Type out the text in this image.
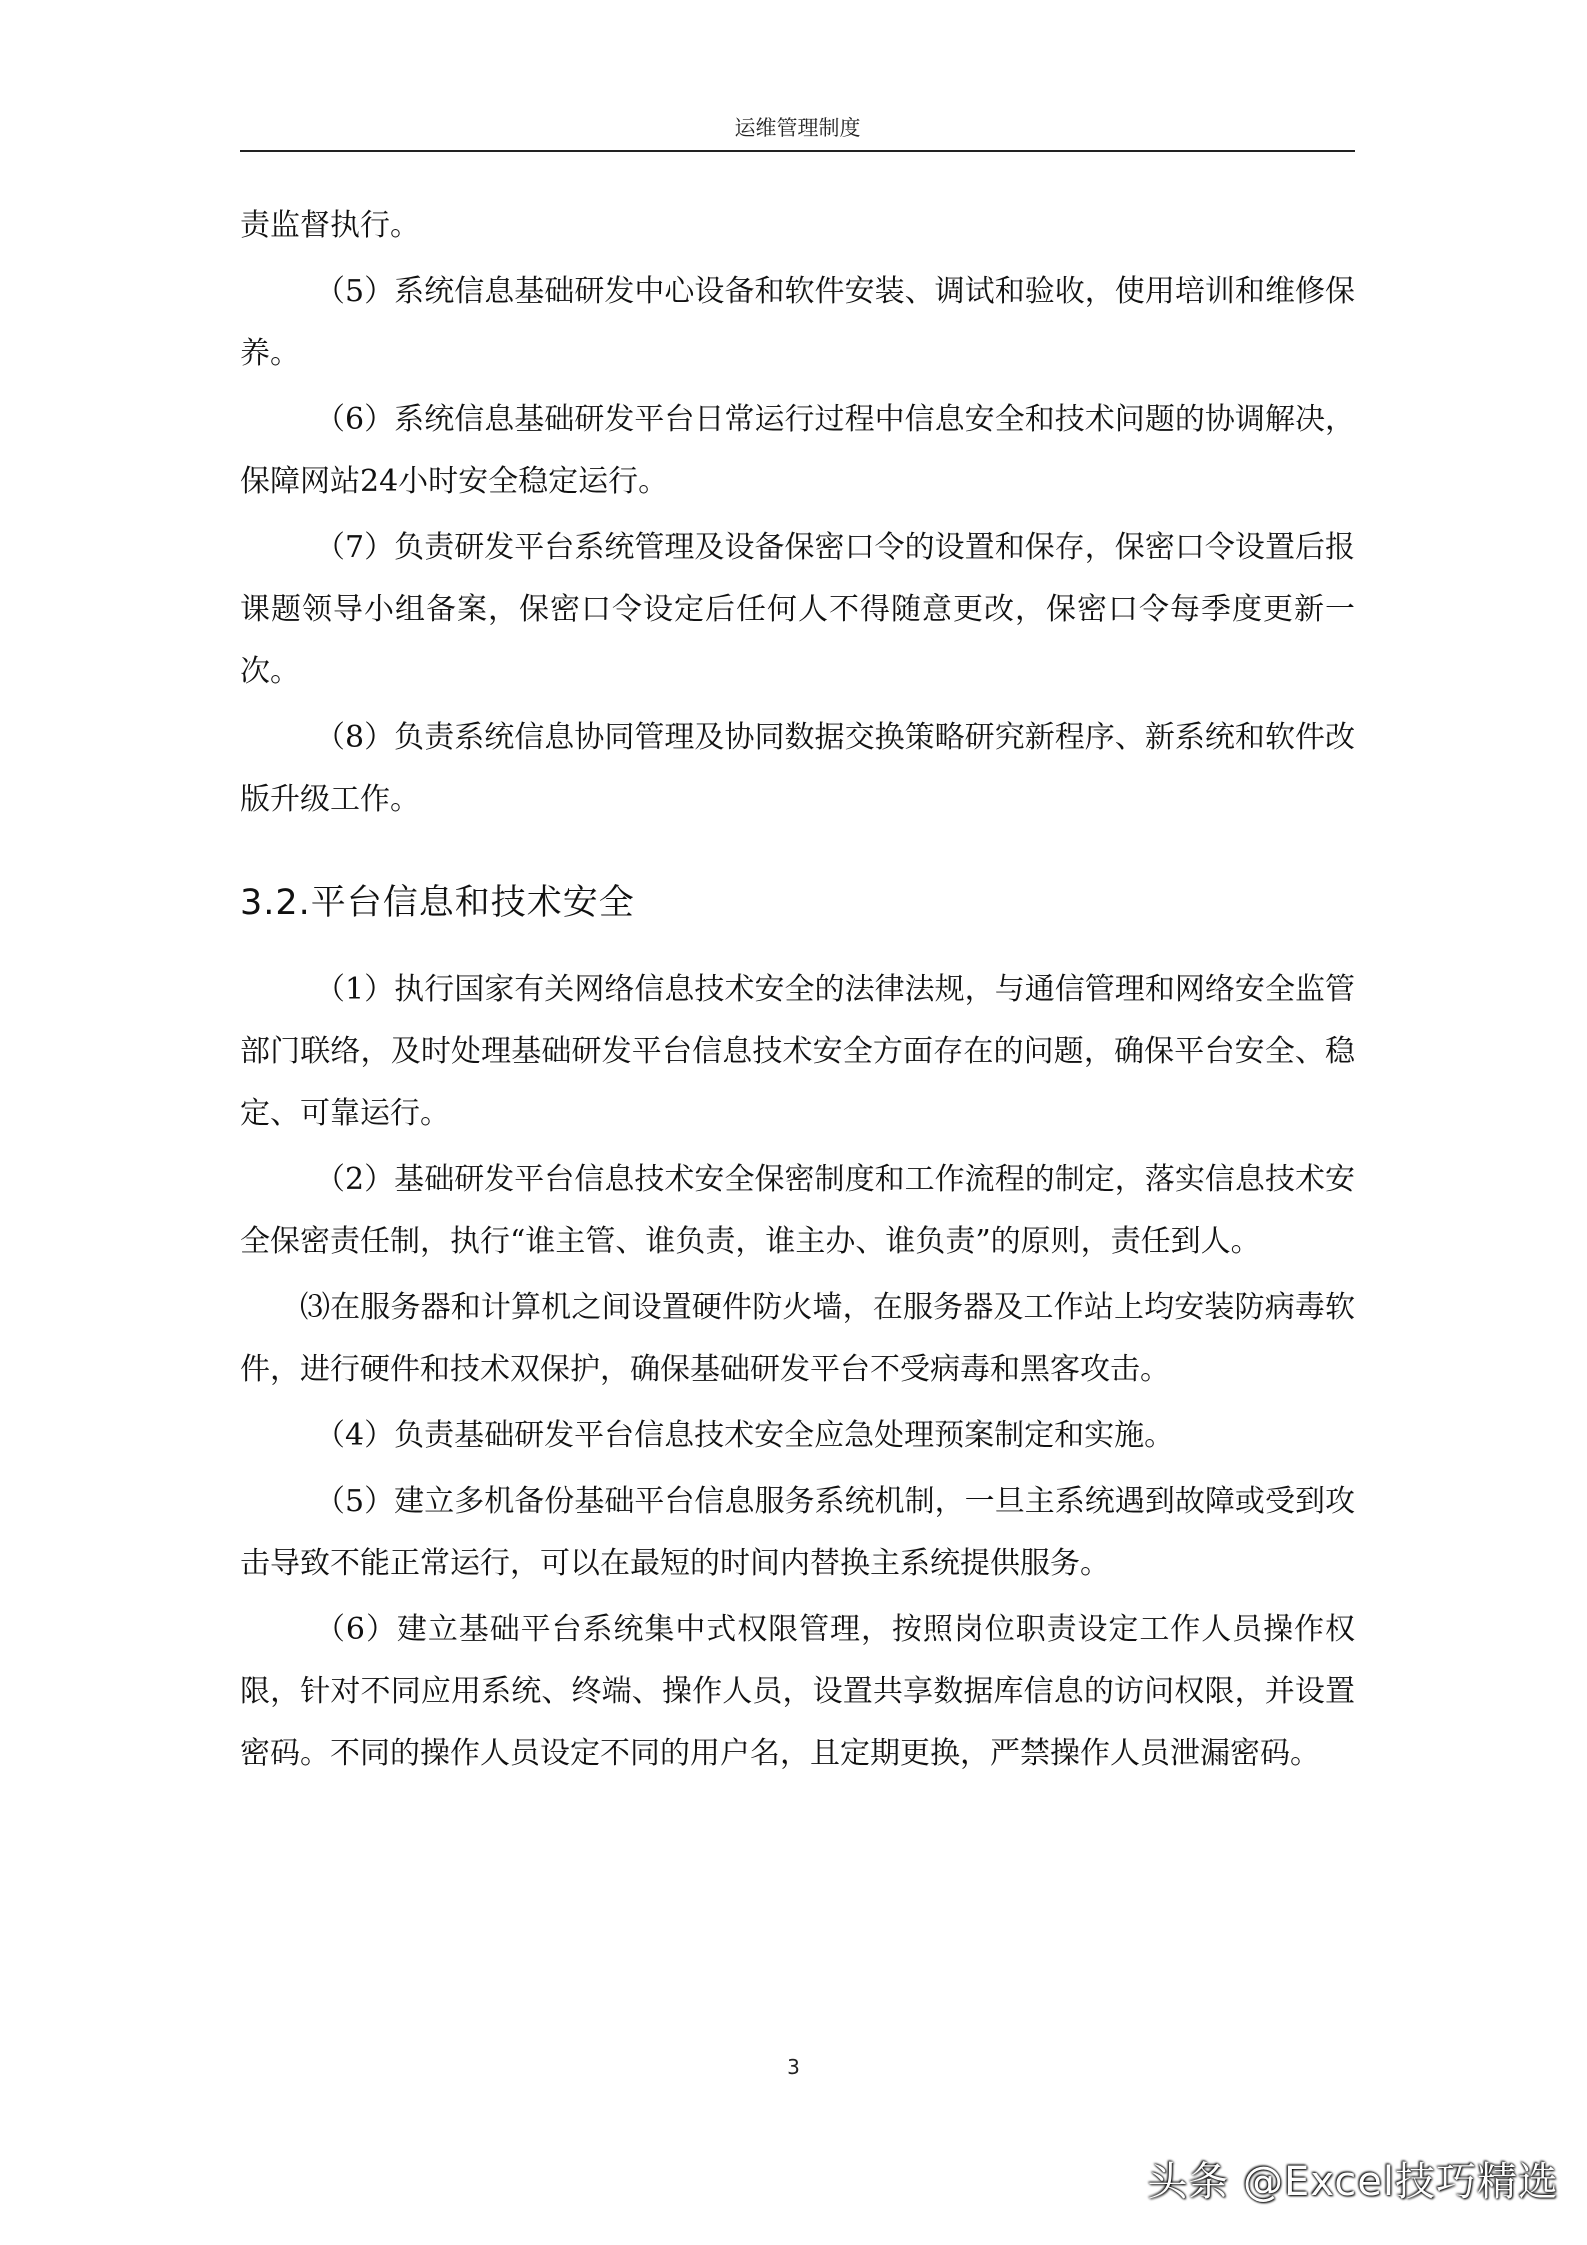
运维管理制度

责监督执行。

（5）系统信息基础研发中心设备和软件安装、调试和验收，使用培训和维修保养。

（6）系统信息基础研发平台日常运行过程中信息安全和技术问题的协调解决，保障网站24小时安全稳定运行。

（7）负责研发平台系统管理及设备保密口令的设置和保存，保密口令设置后报课题领导小组备案，保密口令设定后任何人不得随意更改，保密口令每季度更新一次。

（8）负责系统信息协同管理及协同数据交换策略研究新程序、新系统和软件改版升级工作。

3.2.平台信息和技术安全

（1）执行国家有关网络信息技术安全的法律法规，与通信管理和网络安全监管部门联络，及时处理基础研发平台信息技术安全方面存在的问题，确保平台安全、稳定、可靠运行。

（2）基础研发平台信息技术安全保密制度和工作流程的制定，落实信息技术安全保密责任制，执行“谁主管、谁负责，谁主办、谁负责”的原则，责任到人。

⑶在服务器和计算机之间设置硬件防火墙，在服务器及工作站上均安装防病毒软件，进行硬件和技术双保护，确保基础研发平台不受病毒和黑客攻击。

（4）负责基础研发平台信息技术安全应急处理预案制定和实施。

（5）建立多机备份基础平台信息服务系统机制，一旦主系统遇到故障或受到攻击导致不能正常运行，可以在最短的时间内替换主系统提供服务。

（6）建立基础平台系统集中式权限管理，按照岗位职责设定工作人员操作权限，针对不同应用系统、终端、操作人员，设置共享数据库信息的访问权限，并设置密码。不同的操作人员设定不同的用户名，且定期更换，严禁操作人员泄漏密码。

3
头条 @Excel技巧精选
